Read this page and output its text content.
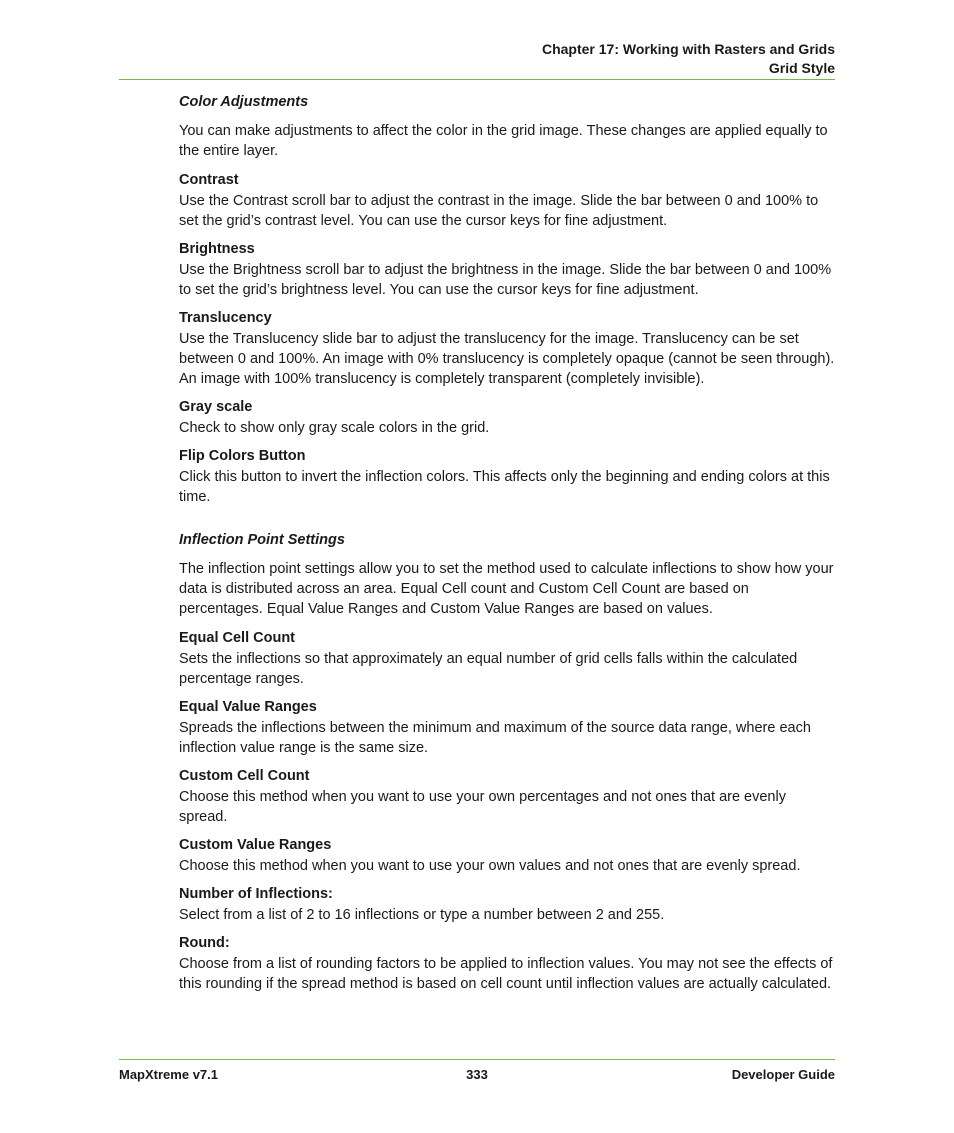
Chapter 17: Working with Rasters and Grids
Grid Style

Color Adjustments

You can make adjustments to affect the color in the grid image. These changes are applied equally to the entire layer.

Contrast

Use the Contrast scroll bar to adjust the contrast in the image. Slide the bar between 0 and 100% to set the grid’s contrast level. You can use the cursor keys for fine adjustment.

Brightness

Use the Brightness scroll bar to adjust the brightness in the image. Slide the bar between 0 and 100% to set the grid’s brightness level. You can use the cursor keys for fine adjustment.

Translucency

Use the Translucency slide bar to adjust the translucency for the image. Translucency can be set between 0 and 100%. An image with 0% translucency is completely opaque (cannot be seen through). An image with 100% translucency is completely transparent (completely invisible).

Gray scale

Check to show only gray scale colors in the grid.

Flip Colors Button

Click this button to invert the inflection colors. This affects only the beginning and ending colors at this time.

Inflection Point Settings

The inflection point settings allow you to set the method used to calculate inflections to show how your data is distributed across an area. Equal Cell count and Custom Cell Count are based on percentages. Equal Value Ranges and Custom Value Ranges are based on values.

Equal Cell Count

Sets the inflections so that approximately an equal number of grid cells falls within the calculated percentage ranges.

Equal Value Ranges

Spreads the inflections between the minimum and maximum of the source data range, where each inflection value range is the same size.

Custom Cell Count

Choose this method when you want to use your own percentages and not ones that are evenly spread.

Custom Value Ranges

Choose this method when you want to use your own values and not ones that are evenly spread.

Number of Inflections:

Select from a list of 2 to 16 inflections or type a number between 2 and 255.

Round:

Choose from a list of rounding factors to be applied to inflection values. You may not see the effects of this rounding if the spread method is based on cell count until inflection values are actually calculated.

MapXtreme v7.1	333	Developer Guide
